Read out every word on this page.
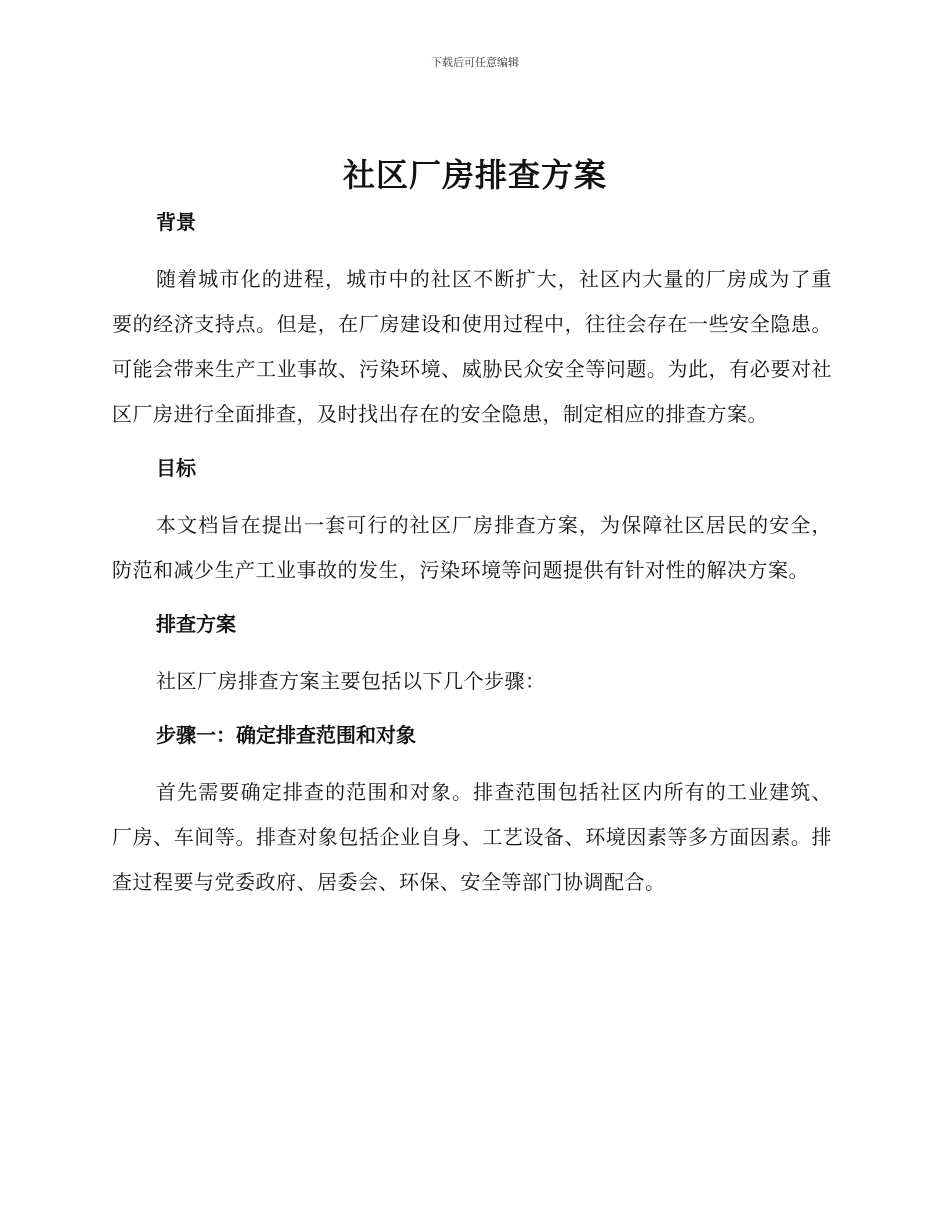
下载后可任意编辑
社区厂房排查方案
背景

随着城市化的进程，城市中的社区不断扩大，社区内大量的厂房成为了重要的经济支持点。但是，在厂房建设和使用过程中，往往会存在一些安全隐患。可能会带来生产工业事故、污染环境、威胁民众安全等问题。为此，有必要对社区厂房进行全面排查，及时找出存在的安全隐患，制定相应的排查方案。

目标

本文档旨在提出一套可行的社区厂房排查方案，为保障社区居民的安全，防范和减少生产工业事故的发生，污染环境等问题提供有针对性的解决方案。

排查方案

社区厂房排查方案主要包括以下几个步骤：

步骤一：确定排查范围和对象

首先需要确定排查的范围和对象。排查范围包括社区内所有的工业建筑、厂房、车间等。排查对象包括企业自身、工艺设备、环境因素等多方面因素。排查过程要与党委政府、居委会、环保、安全等部门协调配合。
